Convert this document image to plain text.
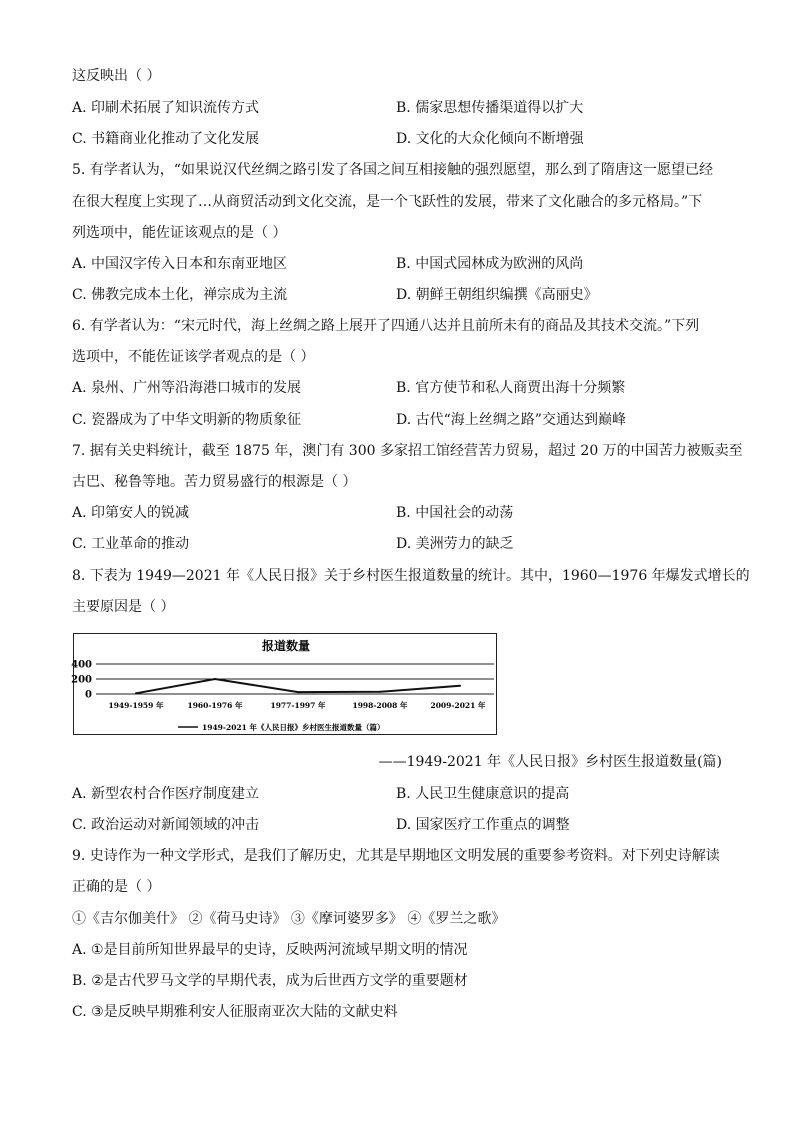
这反映出（ ）
A. 印刷术拓展了知识流传方式	B. 儒家思想传播渠道得以扩大
C. 书籍商业化推动了文化发展	D. 文化的大众化倾向不断增强
5. 有学者认为，“如果说汉代丝绸之路引发了各国之间互相接触的强烈愿望，那么到了隋唐这一愿望已经
在很大程度上实现了…从商贸活动到文化交流，是一个飞跃性的发展，带来了文化融合的多元格局。”下
列选项中，能佐证该观点的是（ ）
A. 中国汉字传入日本和东南亚地区	B. 中国式园林成为欧洲的风尚
C. 佛教完成本土化，禅宗成为主流	D. 朝鲜王朝组织编撰《高丽史》
6. 有学者认为：“宋元时代，海上丝绸之路上展开了四通八达并且前所未有的商品及其技术交流。”下列
选项中，不能佐证该学者观点的是（ ）
A. 泉州、广州等沿海港口城市的发展	B. 官方使节和私人商贾出海十分频繁
C. 瓷器成为了中华文明新的物质象征	D. 古代“海上丝绸之路”交通达到巅峰
7. 据有关史料统计，截至 1875 年，澳门有 300 多家招工馆经营苦力贸易，超过 20 万的中国苦力被贩卖至
古巴、秘鲁等地。苦力贸易盛行的根源是（ ）
A. 印第安人的锐减	B. 中国社会的动荡
C. 工业革命的推动	D. 美洲劳力的缺乏
8. 下表为 1949—2021 年《人民日报》关于乡村医生报道数量的统计。其中，1960—1976 年爆发式增长的
主要原因是（ ）
报道数量
400
200
0
1949-1959 年	1960-1976 年	1977-1997 年	1998-2008 年	2009-2021 年
1949-2021 年《人民日报》乡村医生报道数量（篇）
——1949-2021 年《人民日报》乡村医生报道数量(篇)
A. 新型农村合作医疗制度建立	B. 人民卫生健康意识的提高
C. 政治运动对新闻领域的冲击	D. 国家医疗工作重点的调整
9. 史诗作为一种文学形式，是我们了解历史，尤其是早期地区文明发展的重要参考资料。对下列史诗解读
正确的是（ ）
①《吉尔伽美什》 ②《荷马史诗》 ③《摩诃婆罗多》 ④《罗兰之歌》
A. ①是目前所知世界最早的史诗，反映两河流域早期文明的情况
B. ②是古代罗马文学的早期代表，成为后世西方文学的重要题材
C. ③是反映早期雅利安人征服南亚次大陆的文献史料
